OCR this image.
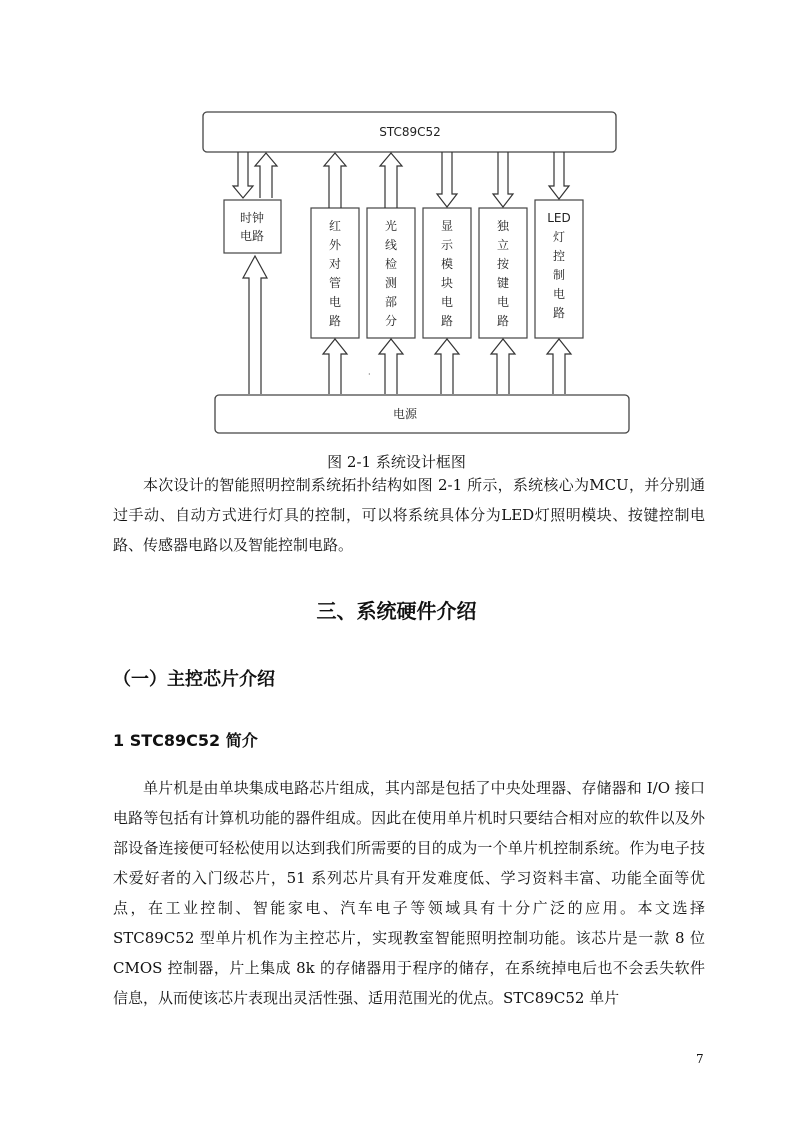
STC89C52
电源
时钟
电路
红
外
对
管
电
路
光
线
检
测
部
分
显
示
模
块
电
路
独
立
按
键
电
路
LED
灯
控
制
电
路
·
图 2-1 系统设计框图

本次设计的智能照明控制系统拓扑结构如图 2-1 所示，系统核心为MCU，并分别通过手动、自动方式进行灯具的控制，可以将系统具体分为LED灯照明模块、按键控制电路、传感器电路以及智能控制电路。

三、系统硬件介绍
（一）主控芯片介绍
1 STC89C52 简介

单片机是由单块集成电路芯片组成，其内部是包括了中央处理器、存储器和 I/O 接口电路等包括有计算机功能的器件组成。因此在使用单片机时只要结合相对应的软件以及外部设备连接便可轻松使用以达到我们所需要的目的成为一个单片机控制系统。作为电子技术爱好者的入门级芯片，51 系列芯片具有开发难度低、学习资料丰富、功能全面等优点，在工业控制、智能家电、汽车电子等领域具有十分广泛的应用。本文选择 STC89C52 型单片机作为主控芯片，实现教室智能照明控制功能。该芯片是一款 8 位 CMOS 控制器，片上集成 8k 的存储器用于程序的储存，在系统掉电后也不会丢失软件信息，从而使该芯片表现出灵活性强、适用范围光的优点。STC89C52 单片

7
